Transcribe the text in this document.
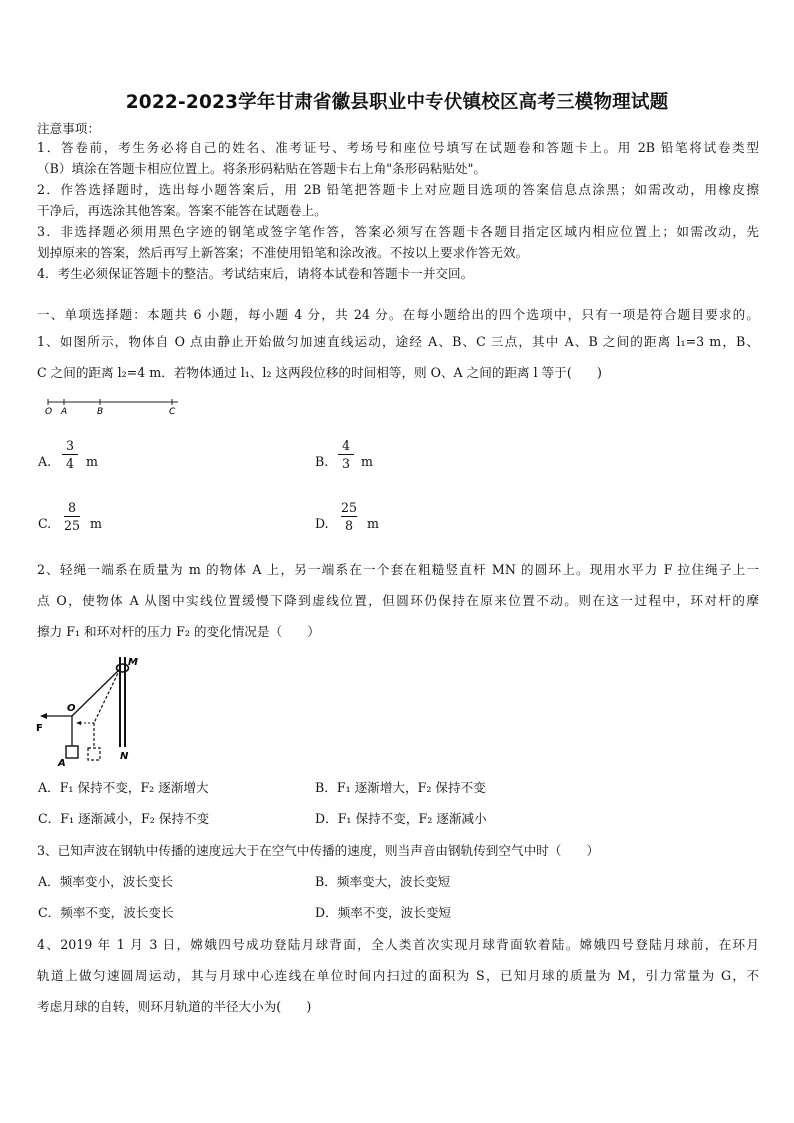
2022-2023学年甘肃省徽县职业中专伏镇校区高考三模物理试题
注意事项：
1．答卷前，考生务必将自己的姓名、准考证号、考场号和座位号填写在试题卷和答题卡上。用 2B 铅笔将试卷类型
（B）填涂在答题卡相应位置上。将条形码粘贴在答题卡右上角"条形码粘贴处"。
2．作答选择题时，选出每小题答案后，用 2B 铅笔把答题卡上对应题目选项的答案信息点涂黑；如需改动，用橡皮擦
干净后，再选涂其他答案。答案不能答在试题卷上。
3．非选择题必须用黑色字迹的钢笔或签字笔作答，答案必须写在答题卡各题目指定区域内相应位置上；如需改动，先
划掉原来的答案，然后再写上新答案；不准使用铅笔和涂改液。不按以上要求作答无效。
4．考生必须保证答题卡的整洁。考试结束后，请将本试卷和答题卡一并交回。
一、单项选择题：本题共 6 小题，每小题 4 分，共 24 分。在每小题给出的四个选项中，只有一项是符合题目要求的。
1、如图所示，物体自 O 点由静止开始做匀加速直线运动，途经 A、B、C 三点，其中 A、B 之间的距离 l₁=3 m，B、
C 之间的距离 l₂=4 m．若物体通过 l₁、l₂ 这两段位移的时间相等，则 O、A 之间的距离 l 等于(　　)
O A	B	C
A.
3
4 m	B.
4
3 m
C.
8
25 m	D.
25
8	m
2、轻绳一端系在质量为 m 的物体 A 上，另一端系在一个套在粗糙竖直杆 MN 的圆环上。现用水平力 F 拉住绳子上一
点 O，使物体 A 从图中实线位置缓慢下降到虚线位置，但圆环仍保持在原来位置不动。则在这一过程中，环对杆的摩
擦力 F₁ 和环对杆的压力 F₂ 的变化情况是（　　）
M
O
F
A
N
A．F₁ 保持不变，F₂ 逐渐增大	B．F₁ 逐渐增大，F₂ 保持不变
C．F₁ 逐渐减小，F₂ 保持不变	D．F₁ 保持不变，F₂ 逐渐减小
3、已知声波在钢轨中传播的速度远大于在空气中传播的速度，则当声音由钢轨传到空气中时（　　）
A．频率变小，波长变长	B．频率变大，波长变短
C．频率不变，波长变长	D．频率不变，波长变短
4、2019 年 1 月 3 日，嫦娥四号成功登陆月球背面，全人类首次实现月球背面软着陆。嫦娥四号登陆月球前，在环月
轨道上做匀速圆周运动，其与月球中心连线在单位时间内扫过的面积为 S，已知月球的质量为 M，引力常量为 G，不
考虑月球的自转，则环月轨道的半径大小为(　　)
